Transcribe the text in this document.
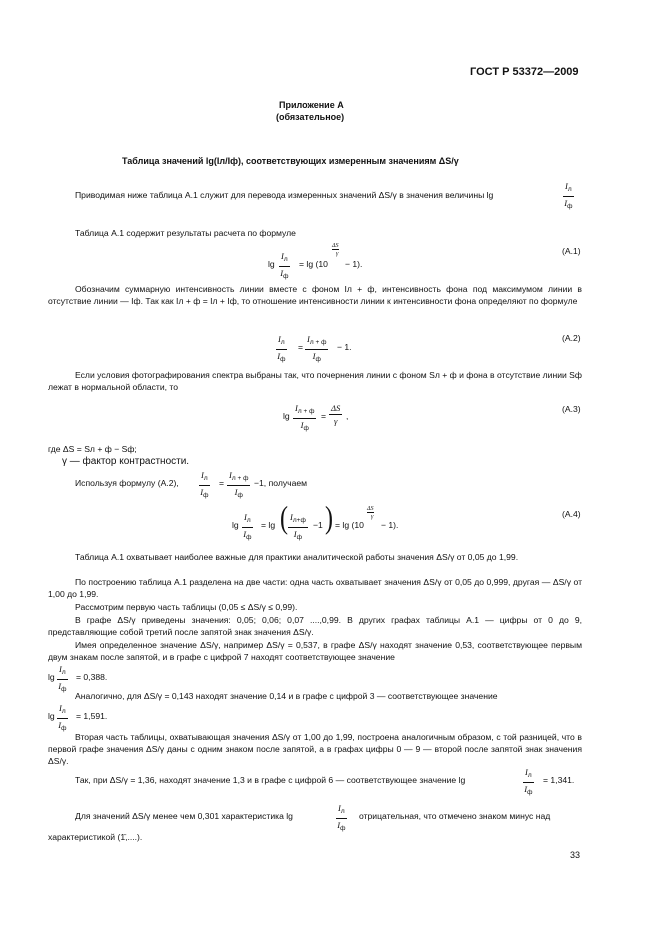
ГОСТ Р 53372—2009
Приложение А
(обязательное)
Таблица значений lg(Iл/Iф), соответствующих измеренным значениям ΔS/γ
Приводимая ниже таблица А.1 служит для перевода измеренных значений ΔS/γ в значения величины lg
$I_л$
$I_ф$
Таблица А.1 содержит результаты расчета по формуле
lg
$I_л$
$I_ф$
= lg (10
ΔS
γ
− 1).
(А.1)
Обозначим суммарную интенсивность линии вместе с фоном Iл + ф, интенсивность фона под максимумом линии в отсутствие линии — Iф. Так как Iл + ф = Iл + Iф, то отношение интенсивности линии к интенсивности фона определяют по формуле
$I_л$
$I_ф$
=
$I_{л + ф}$
$I_ф$
− 1.
(А.2)
Если условия фотографирования спектра выбраны так, что почернения линии с фоном Sл + ф и фона в отсутствие линии Sф лежат в нормальной области, то
lg
$I_{л + ф}$
$I_ф$
= $\frac{\Delta S}{\gamma}$ ,
(А.3)
где ΔS = Sл + ф − Sф;
γ — фактор контрастности.
Используя формулу (А.2),
$I_л$
$I_ф$
=
$I_{л + ф}$
$I_ф$
−1, получаем
lg
$I_л$
$I_ф$
= lg ( $I_{л+ф}$
$I_ф$
−1 ) = lg (10
ΔS
γ
− 1).
(А.4)
Таблица А.1 охватывает наиболее важные для практики аналитической работы значения ΔS/γ от 0,05 до 1,99.
По построению таблица А.1 разделена на две части: одна часть охватывает значения ΔS/γ от 0,05 до 0,999, другая — ΔS/γ от 1,00 до 1,99.
Рассмотрим первую часть таблицы (0,05 ≤ ΔS/γ ≤ 0,99).
В графе ΔS/γ приведены значения: 0,05; 0,06; 0,07 ....,0,99. В других графах таблицы А.1 — цифры от 0 до 9, представляющие собой третий после запятой знак значения ΔS/γ.
Имея определенное значение ΔS/γ, например ΔS/γ = 0,537, в графе ΔS/γ находят значение 0,53, соответствующее первым двум знакам после запятой, и в графе с цифрой 7 находят соответствующее значение
lg
$I_л$
$I_ф$
= 0,388.
Аналогично, для ΔS/γ = 0,143 находят значение 0,14 и в графе с цифрой 3 — соответствующее значение
lg
$I_л$
$I_ф$
= 1,591.
Вторая часть таблицы, охватывающая значения ΔS/γ от 1,00 до 1,99, построена аналогичным образом, с той разницей, что в первой графе значения ΔS/γ даны с одним знаком после запятой, а в графах цифры 0 — 9 — второй после запятой знак значения ΔS/γ.
Так, при ΔS/γ = 1,36, находят значение 1,3 и в графе с цифрой 6 — соответствующее значение lg
$I_л$
$I_ф$
= 1,341.
Для значений ΔS/γ менее чем 0,301 характеристика lg
$I_л$
$I_ф$
отрицательная, что отмечено знаком минус над
характеристикой (1̄,....).
33
